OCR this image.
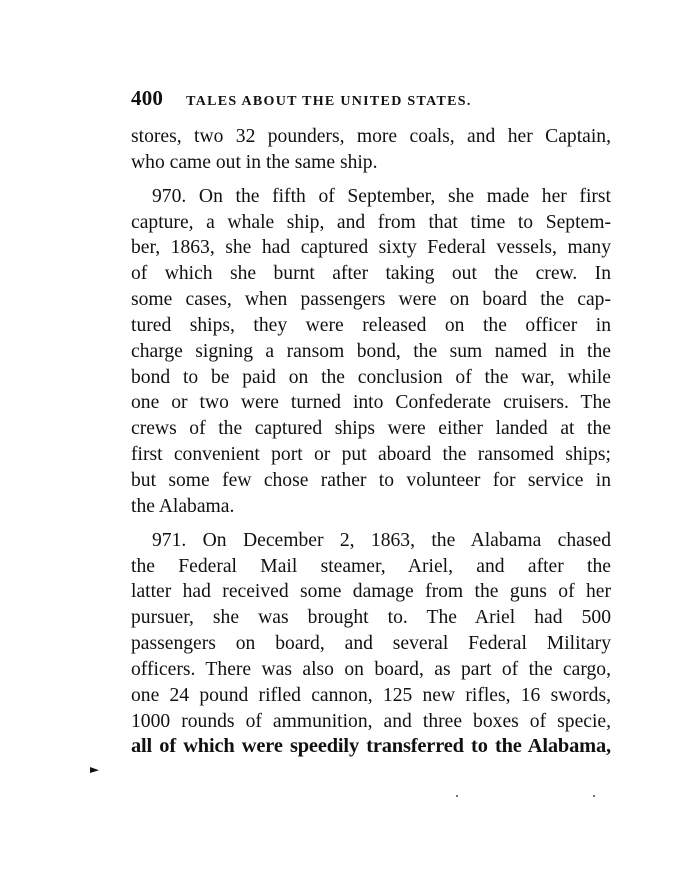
400 TALES ABOUT THE UNITED STATES.
stores, two 32 pounders, more coals, and her Captain,
who came out in the same ship.
970. On the fifth of September, she made her first
capture, a whale ship, and from that time to Septem-
ber, 1863, she had captured sixty Federal vessels, many
of which she burnt after taking out the crew. In
some cases, when passengers were on board the cap-
tured ships, they were released on the officer in
charge signing a ransom bond, the sum named in the
bond to be paid on the conclusion of the war, while
one or two were turned into Confederate cruisers. The
crews of the captured ships were either landed at the
first convenient port or put aboard the ransomed ships;
but some few chose rather to volunteer for service in
the Alabama.
971. On December 2, 1863, the Alabama chased
the Federal Mail steamer, Ariel, and after the
latter had received some damage from the guns of her
pursuer, she was brought to. The Ariel had 500
passengers on board, and several Federal Military
officers. There was also on board, as part of the cargo,
one 24 pound rifled cannon, 125 new rifles, 16 swords,
1000 rounds of ammunition, and three boxes of specie,
all of which were speedily transferred to the Alabama,
